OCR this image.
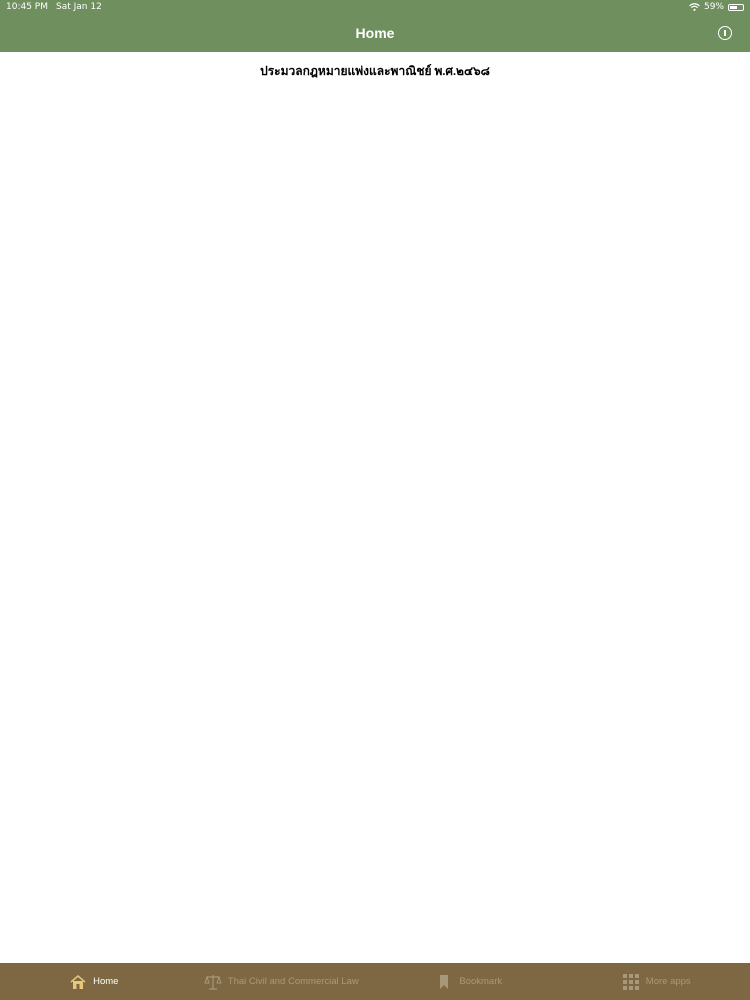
10:45 PM Sat Jan 12	59%
Home
ประมวลกฎหมายแพ่งและพาณิชย์ พ.ศ.๒๔๖๘
Home	Thai Civil and Commercial Law	Bookmark	More apps
